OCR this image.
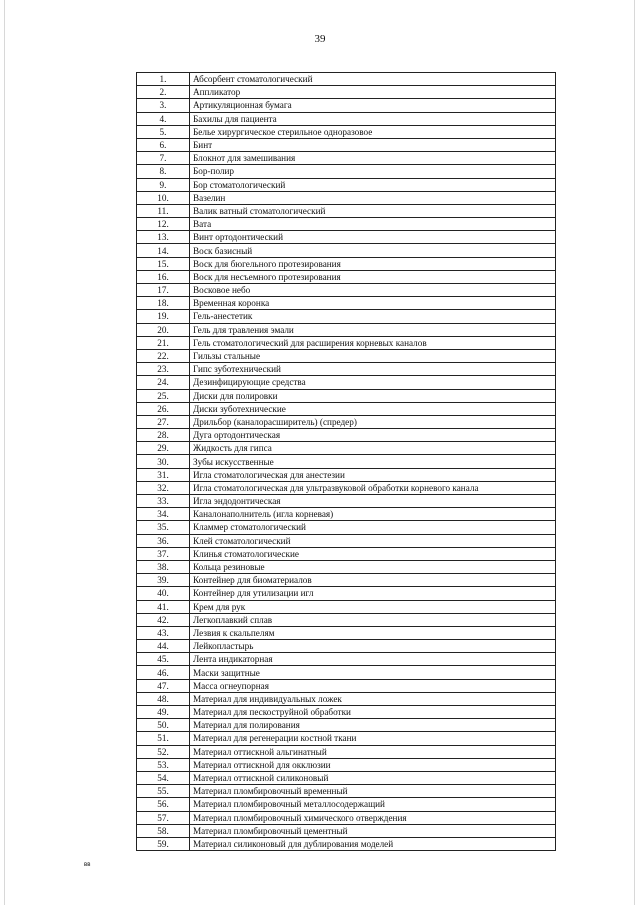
39
1.	Абсорбент стоматологический
2.	Аппликатор
3.	Артикуляционная бумага
4.	Бахилы для пациента
5.	Белье хирургическое стерильное одноразовое
6.	Бинт
7.	Блокнот для замешивания
8.	Бор-полир
9.	Бор стоматологический
10.	Вазелин
11.	Валик ватный стоматологический
12.	Вата
13.	Винт ортодонтический
14.	Воск базисный
15.	Воск для бюгельного протезирования
16.	Воск для несъемного протезирования
17.	Восковое небо
18.	Временная коронка
19.	Гель-анестетик
20.	Гель для травления эмали
21.	Гель стоматологический для расширения корневых каналов
22.	Гильзы стальные
23.	Гипс зуботехнический
24.	Дезинфицирующие средства
25.	Диски для полировки
26.	Диски зуботехнические
27.	Дрильбор (каналорасширитель) (спредер)
28.	Дуга ортодонтическая
29.	Жидкость для гипса
30.	Зубы искусственные
31.	Игла стоматологическая для анестезии
32.	Игла стоматологическая для ультразвуковой обработки корневого канала
33.	Игла эндодонтическая
34.	Каналонаполнитель (игла корневая)
35.	Кламмер стоматологический
36.	Клей стоматологический
37.	Клинья стоматологические
38.	Кольца резиновые
39.	Контейнер для биоматериалов
40.	Контейнер для утилизации игл
41.	Крем для рук
42.	Легкоплавкий сплав
43.	Лезвия к скальпелям
44.	Лейкопластырь
45.	Лента индикаторная
46.	Маски защитные
47.	Масса огнеупорная
48.	Материал для индивидуальных ложек
49.	Материал для пескоструйной обработки
50.	Материал для полирования
51.	Материал для регенерации костной ткани
52.	Материал оттискной альгинатный
53.	Материал оттискной для окклюзии
54.	Материал оттискной силиконовый
55.	Материал пломбировочный временный
56.	Материал пломбировочный металлосодержащий
57.	Материал пломбировочный химического отверждения
58.	Материал пломбировочный цементный
59.	Материал силиконовый для дублирования моделей
вв
